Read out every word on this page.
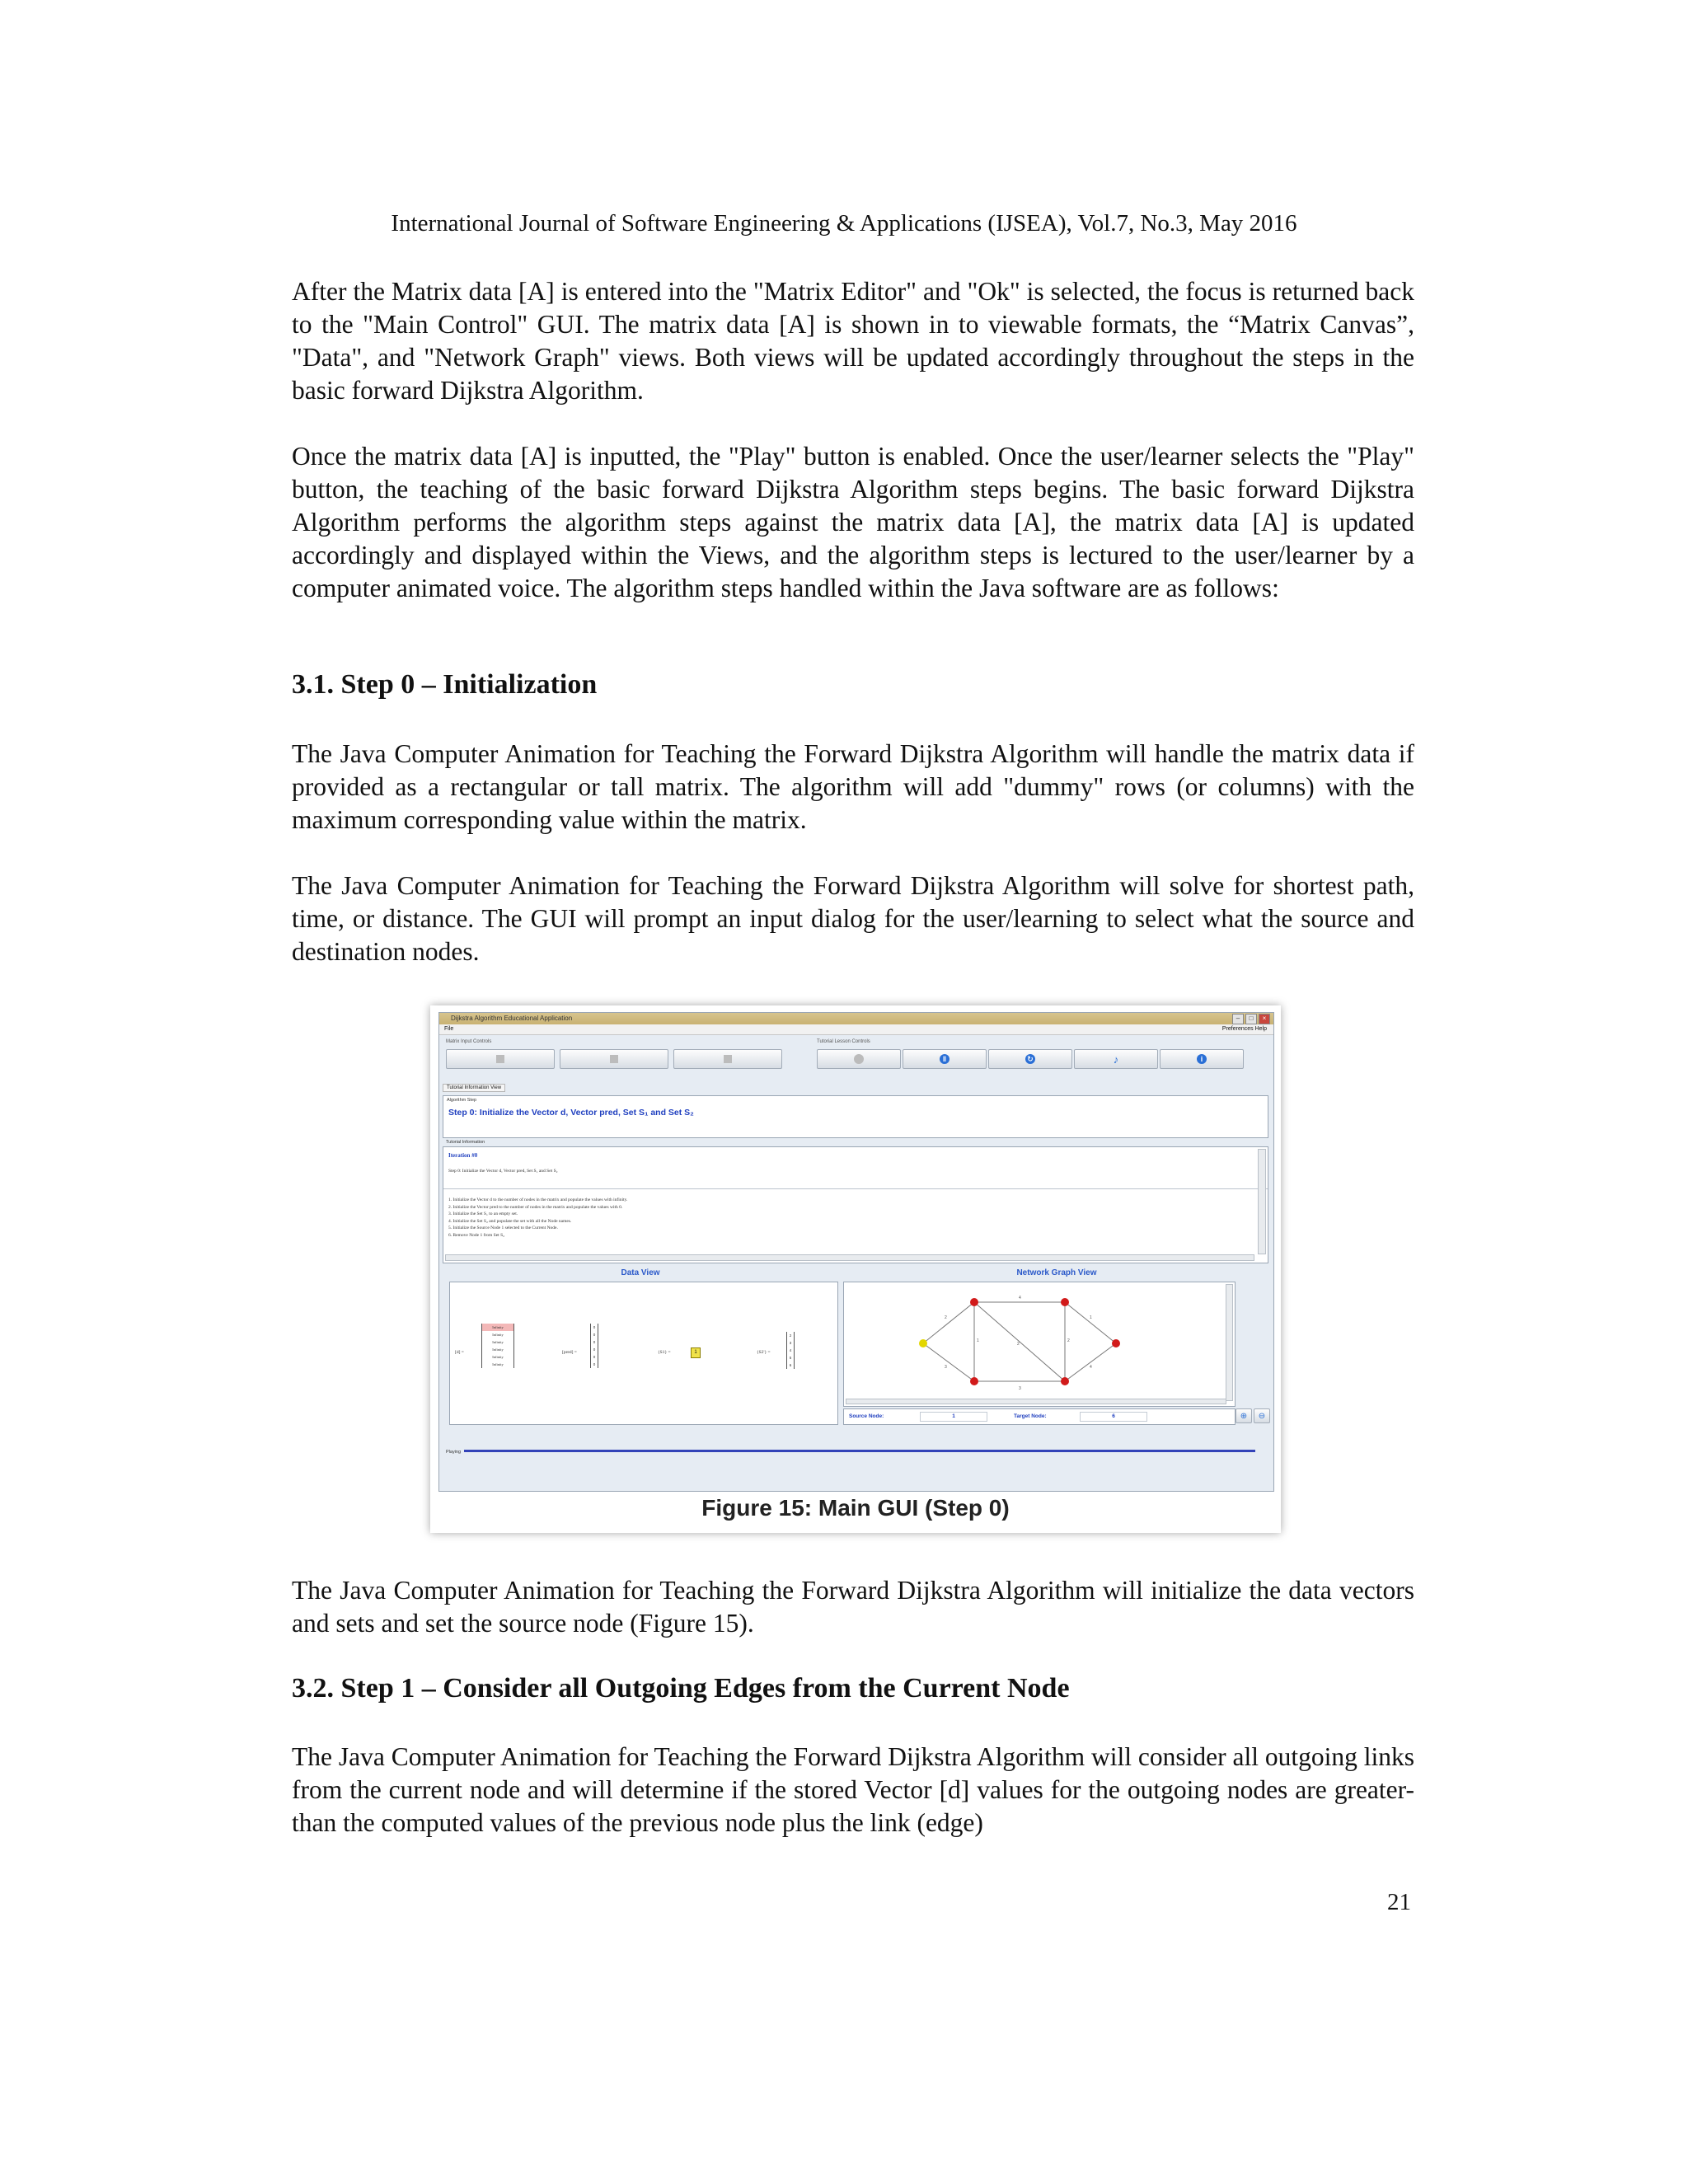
International Journal of Software Engineering & Applications (IJSEA), Vol.7, No.3, May 2016

After the Matrix data [A] is entered into the "Matrix Editor" and "Ok" is selected, the focus is returned back to the "Main Control" GUI. The matrix data [A] is shown in to viewable formats, the “Matrix Canvas”, "Data", and "Network Graph" views. Both views will be updated accordingly throughout the steps in the basic forward Dijkstra Algorithm.

Once the matrix data [A] is inputted, the "Play" button is enabled. Once the user/learner selects the "Play" button, the teaching of the basic forward Dijkstra Algorithm steps begins. The basic forward Dijkstra Algorithm performs the algorithm steps against the matrix data [A], the matrix data [A] is updated accordingly and displayed within the Views, and the algorithm steps is lectured to the user/learner by a computer animated voice. The algorithm steps handled within the Java software are as follows:

3.1. Step 0 – Initialization

The Java Computer Animation for Teaching the Forward Dijkstra Algorithm will handle the matrix data if provided as a rectangular or tall matrix. The algorithm will add "dummy" rows (or columns) with the maximum corresponding value within the matrix.

The Java Computer Animation for Teaching the Forward Dijkstra Algorithm will solve for shortest path, time, or distance. The GUI will prompt an input dialog for the user/learning to select what the source and destination nodes.

Dijkstra Algorithm Educational Application	–	□	×
File	Preferences Help
Matrix Input Controls	Tutorial Lesson Controls
‖	↻	♪	i
Tutorial Information View
Algorithm Step
Step 0: Initialize the Vector d, Vector pred, Set S₁ and Set S₂
Tutorial Information
Iteration #0
Step 0: Initialize the Vector d, Vector pred, Set S₁ and Set S₂
1. Initialize the Vector d to the number of nodes in the matrix and populate the values with infinity.
2. Initialize the Vector pred to the number of nodes in the matrix and populate the values with 0.
3. Initialize the Set S₁ to an empty set.
4. Initialize the Set S₂ and populate the set with all the Node names.
5. Initialize the Source Node 1 selected to the Current Node.
6. Remove Node 1 from Set S₂
Data View
[d] =
Infinity
Infinity
Infinity
Infinity
Infinity
Infinity
[pred] =
0
0
0
0
0
0
{S1} =	1	{S2'} =
2
3
4
5
6
Network Graph View
2
3
1
4
2
3
2
1
4
Source Node:	1	Target Node:	6	⊕ ⊖
Playing
Figure 15: Main GUI (Step 0)

The Java Computer Animation for Teaching the Forward Dijkstra Algorithm will initialize the data vectors and sets and set the source node (Figure 15).

3.2. Step 1 – Consider all Outgoing Edges from the Current Node

The Java Computer Animation for Teaching the Forward Dijkstra Algorithm will consider all outgoing links from the current node and will determine if the stored Vector [d] values for the outgoing nodes are greater-than the computed values of the previous node plus the link (edge)

21
